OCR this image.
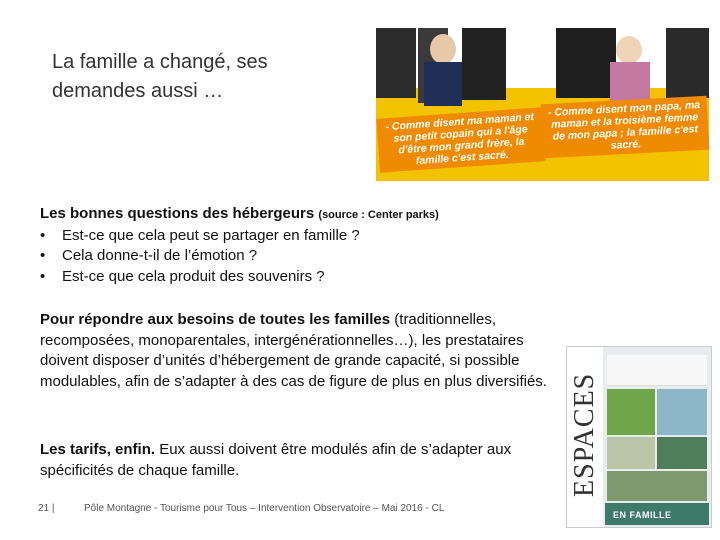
La famille a changé, ses
demandes aussi …
- Comme disent ma maman et son petit copain qui a l'âge d'être mon grand frère, la famille c'est sacré.
- Comme disent mon papa, ma maman et la troisième femme de mon papa ; la famille c'est sacré.
Les bonnes questions des hébergeurs (source : Center parks)
• Est-ce que cela peut se partager en famille ?
• Cela donne-t-il de l’émotion ?
• Est-ce que cela produit des souvenirs ?
Pour répondre aux besoins de toutes les familles (traditionnelles, recomposées, monoparentales, intergénérationnelles…), les prestataires doivent disposer d’unités d’hébergement de grande capacité, si possible modulables, afin de s’adapter à des cas de figure de plus en plus diversifiés.
Les tarifs, enfin. Eux aussi doivent être modulés afin de s’adapter aux spécificités de chaque famille.
21 |	Pôle Montagne - Tourisme pour Tous – Intervention Observatoire – Mai 2016 - CL
ESPACES
EN FAMILLE
